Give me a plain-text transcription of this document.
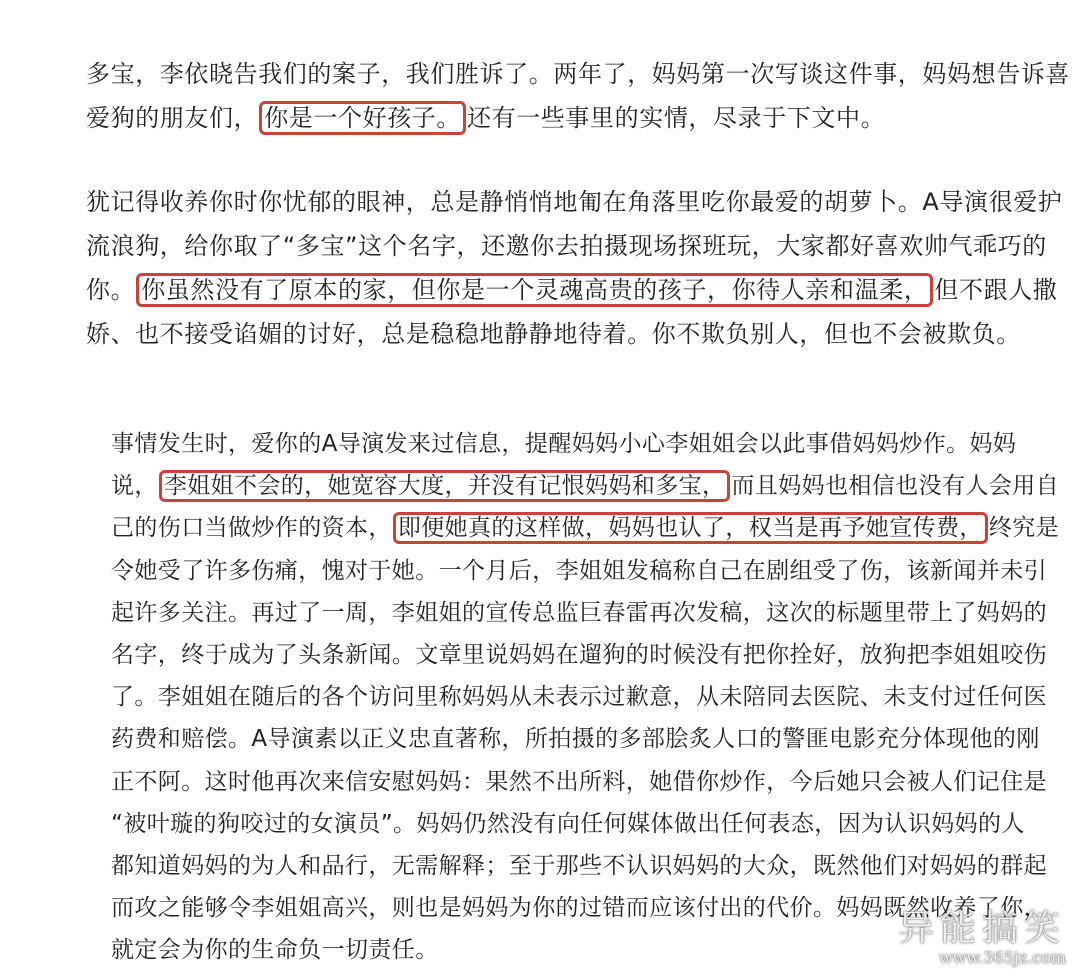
多宝，李依晓告我们的案子，我们胜诉了。两年了，妈妈第一次写谈这件事，妈妈想告诉喜
爱狗的朋友们， 你是一个好孩子。 还有一些事里的实情，尽录于下文中。
犹记得收养你时你忧郁的眼神，总是静悄悄地匍在角落里吃你最爱的胡萝卜。A导演很爱护
流浪狗，给你取了“多宝”这个名字，还邀你去拍摄现场探班玩，大家都好喜欢帅气乖巧的
你。 你虽然没有了原本的家，但你是一个灵魂高贵的孩子，你待人亲和温柔， 但不跟人撒
娇、也不接受谄媚的讨好，总是稳稳地静静地待着。你不欺负别人，但也不会被欺负。
事情发生时，爱你的A导演发来过信息，提醒妈妈小心李姐姐会以此事借妈妈炒作。妈妈
说， 李姐姐不会的，她宽容大度，并没有记恨妈妈和多宝， 而且妈妈也相信也没有人会用自
己的伤口当做炒作的资本， 即便她真的这样做，妈妈也认了，权当是再予她宣传费， 终究是
令她受了许多伤痛，愧对于她。一个月后，李姐姐发稿称自己在剧组受了伤，该新闻并未引
起许多关注。再过了一周，李姐姐的宣传总监巨春雷再次发稿，这次的标题里带上了妈妈的
名字，终于成为了头条新闻。文章里说妈妈在遛狗的时候没有把你拴好，放狗把李姐姐咬伤
了。李姐姐在随后的各个访问里称妈妈从未表示过歉意，从未陪同去医院、未支付过任何医
药费和赔偿。A导演素以正义忠直著称，所拍摄的多部脍炙人口的警匪电影充分体现他的刚
正不阿。这时他再次来信安慰妈妈：果然不出所料，她借你炒作，今后她只会被人们记住是
“被叶璇的狗咬过的女演员”。妈妈仍然没有向任何媒体做出任何表态，因为认识妈妈的人
都知道妈妈的为人和品行，无需解释；至于那些不认识妈妈的大众，既然他们对妈妈的群起
而攻之能够令李姐姐高兴，则也是妈妈为你的过错而应该付出的代价。妈妈既然收养了你，
就定会为你的生命负一切责任。
异能搞笑
www.365jz.com
